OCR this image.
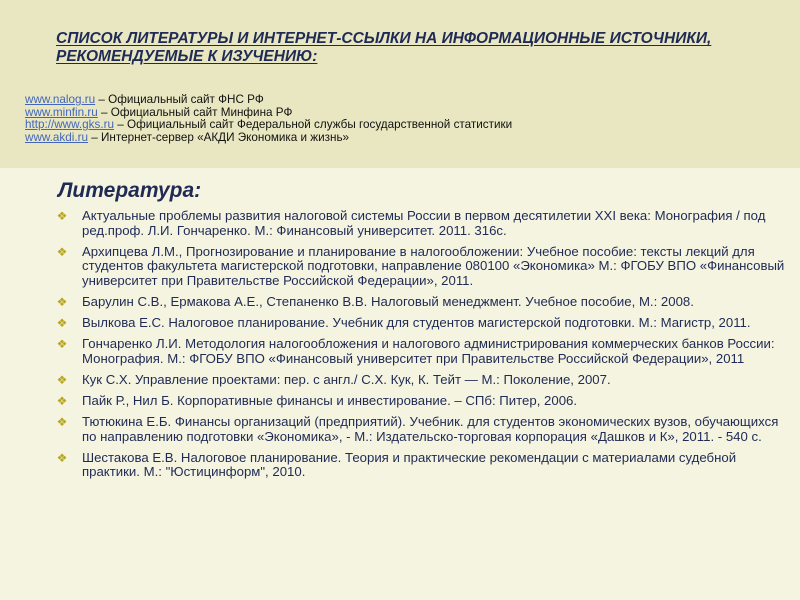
СПИСОК ЛИТЕРАТУРЫ И ИНТЕРНЕТ-ССЫЛКИ НА ИНФОРМАЦИОННЫЕ ИСТОЧНИКИ, РЕКОМЕНДУЕМЫЕ К ИЗУЧЕНИЮ:
www.nalog.ru – Официальный сайт ФНС РФ
www.minfin.ru – Официальный сайт Минфина РФ
http://www.gks.ru – Официальный сайт Федеральной службы государственной статистики
www.akdi.ru – Интернет-сервер «АКДИ Экономика и жизнь»
Литература:
❖ Актуальные проблемы развития налоговой системы России в первом десятилетии XXI века: Монография / под ред.проф. Л.И. Гончаренко. М.: Финансовый университет. 2011. 316с.
❖ Архипцева Л.М., Прогнозирование и планирование в налогообложении: Учебное пособие: тексты лекций для студентов факультета магистерской подготовки, направление 080100 «Экономика» М.: ФГОБУ ВПО «Финансовый университет при Правительстве Российской Федерации», 2011.
❖ Барулин С.В., Ермакова А.Е., Степаненко В.В. Налоговый менеджмент. Учебное пособие, М.: 2008.
❖ Вылкова Е.С. Налоговое планирование. Учебник для студентов магистерской подготовки. М.: Магистр, 2011.
❖ Гончаренко Л.И. Методология налогообложения и налогового администрирования коммерческих банков России: Монография. М.: ФГОБУ ВПО «Финансовый университет при Правительстве Российской Федерации», 2011
❖ Кук С.Х. Управление проектами: пер. с англ./ С.Х. Кук, К. Тейт — М.: Поколение, 2007.
❖ Пайк Р., Нил Б. Корпоративные финансы и инвестирование. – СПб: Питер, 2006.
❖ Тютюкина Е.Б. Финансы организаций (предприятий). Учебник. для студентов экономических вузов, обучающихся по направлению подготовки «Экономика», - М.: Издательско-торговая корпорация «Дашков и К», 2011. - 540 с.
❖ Шестакова Е.В. Налоговое планирование. Теория и практические рекомендации с материалами судебной практики. М.: "Юстицинформ", 2010.
